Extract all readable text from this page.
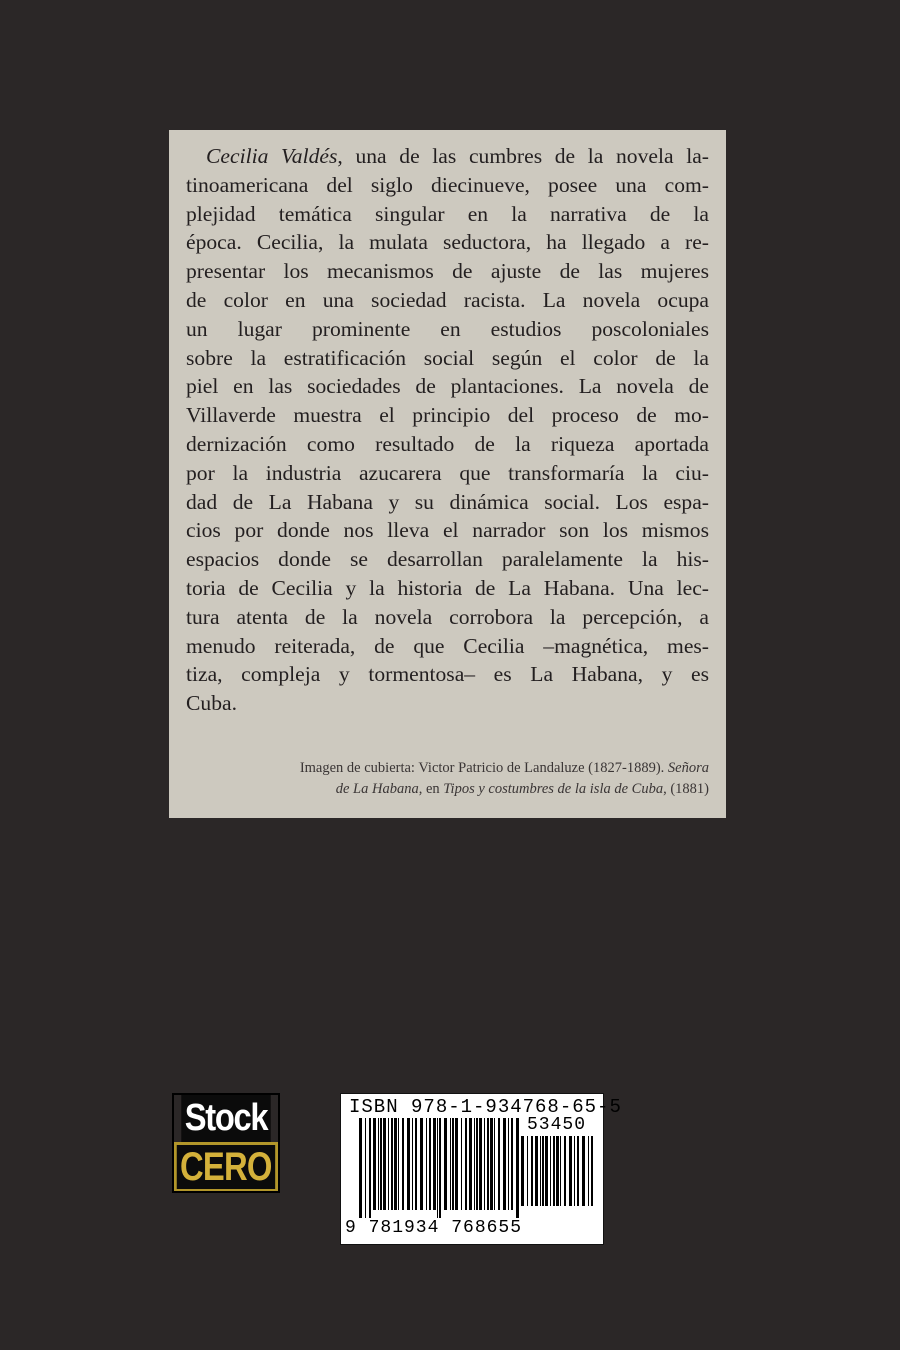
Cecilia Valdés, una de las cumbres de la novela la-
tinoamericana del siglo diecinueve, posee una com-
plejidad temática singular en la narrativa de la
época. Cecilia, la mulata seductora, ha llegado a re-
presentar los mecanismos de ajuste de las mujeres
de color en una sociedad racista. La novela ocupa
un lugar prominente en estudios poscoloniales
sobre la estratificación social según el color de la
piel en las sociedades de plantaciones. La novela de
Villaverde muestra el principio del proceso de mo-
dernización como resultado de la riqueza aportada
por la industria azucarera que transformaría la ciu-
dad de La Habana y su dinámica social. Los espa-
cios por donde nos lleva el narrador son los mismos
espacios donde se desarrollan paralelamente la his-
toria de Cecilia y la historia de La Habana. Una lec-
tura atenta de la novela corrobora la percepción, a
menudo reiterada, de que Cecilia –magnética, mes-
tiza, compleja y tormentosa– es La Habana, y es
Cuba.

Imagen de cubierta: Victor Patricio de Landaluze (1827-1889). Señora
de La Habana, en Tipos y costumbres de la isla de Cuba, (1881)
Stock
CERO
ISBN 978-1-934768-65-5
53450
9 781934 768655
